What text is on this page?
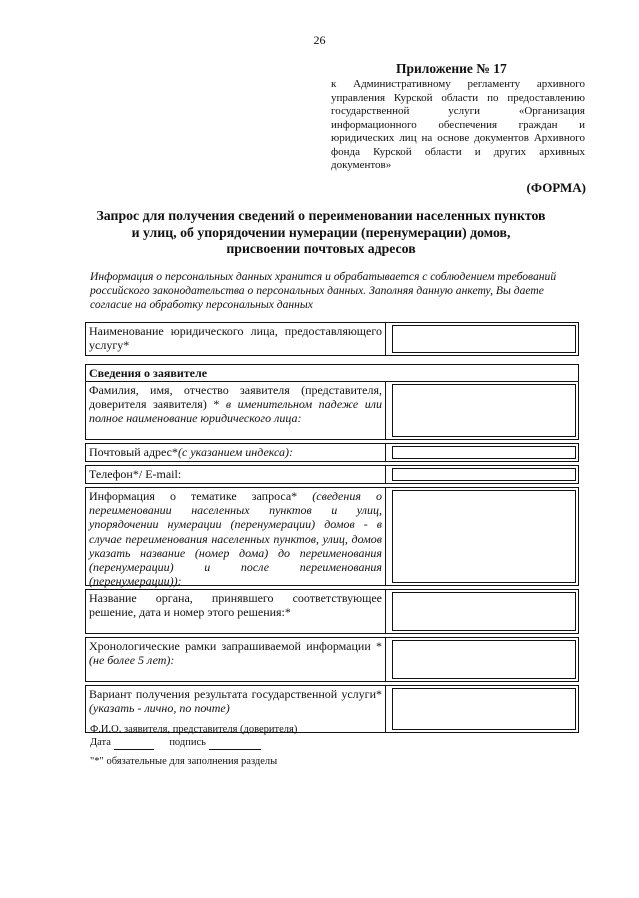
26
Приложение № 17
к Административному регламенту архивного управления Курской области по предоставлению государственной услуги «Организация информационного обеспечения граждан и юридических лиц на основе документов Архивного фонда Курской области и других архивных документов»
(ФОРМА)
Запрос для получения сведений о переименовании населенных пунктов
и улиц, об упорядочении нумерации (перенумерации) домов,
присвоении почтовых адресов
Информация о персональных данных хранится и обрабатывается с соблюдением требований российского законодательства о персональных данных. Заполняя данную анкету, Вы даете согласие на обработку персональных данных
Наименование юридического лица, предоставляющего услугу*
Сведения о заявителе
Фамилия, имя, отчество заявителя (представителя, доверителя заявителя) * в именительном падеже или полное наименование юридического лица:
Почтовый адрес*(с указанием индекса):
Телефон*/ E-mail:
Информация о тематике запроса* (сведения о переименовании населенных пунктов и улиц, упорядочении нумерации (перенумерации) домов - в случае переименования населенных пунктов, улиц, домов указать название (номер дома) до переименования (перенумерации) и после переименования (перенумерации)):
Название органа, принявшего соответствующее решение, дата и номер этого решения:*
Хронологические рамки запрашиваемой информации * (не более 5 лет):
Вариант получения результата государственной услуги* (указать - лично, по почте)
Ф.И.О. заявителя, представителя (доверителя)
Дата	подпись
"*" обязательные для заполнения разделы
